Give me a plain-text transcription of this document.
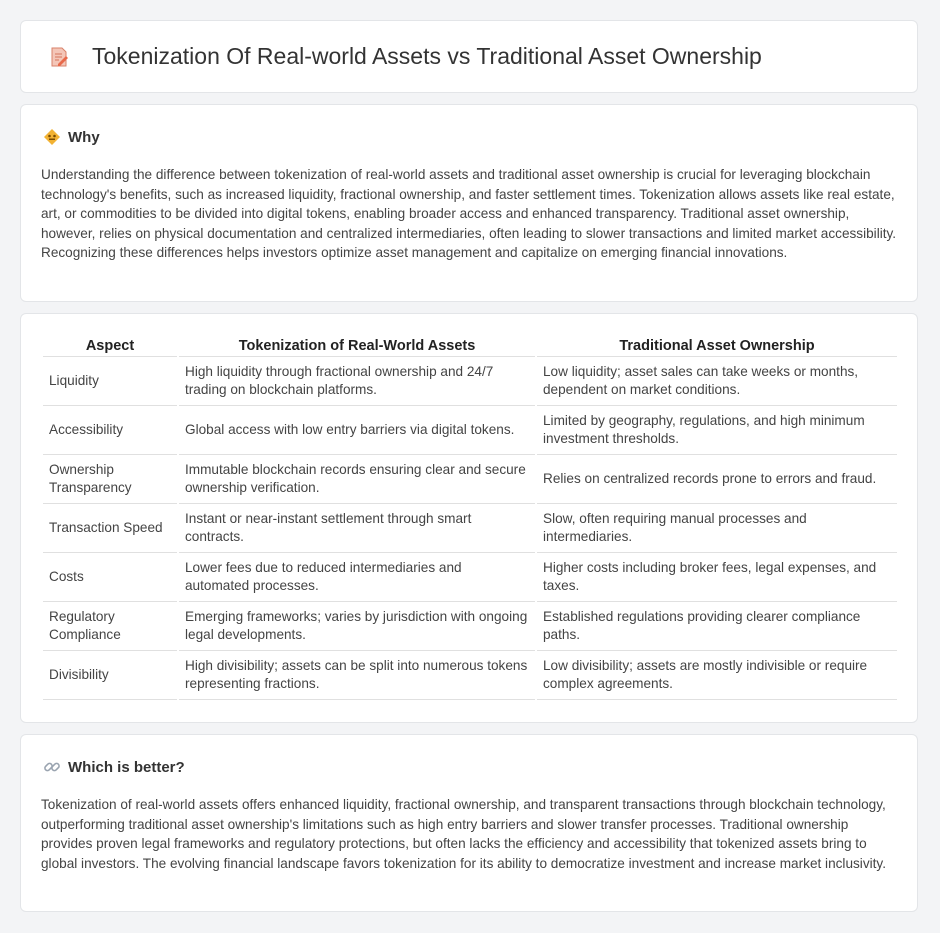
Tokenization Of Real-world Assets vs Traditional Asset Ownership
Why

Understanding the difference between tokenization of real-world assets and traditional asset ownership is crucial for leveraging blockchain technology's benefits, such as increased liquidity, fractional ownership, and faster settlement times. Tokenization allows assets like real estate, art, or commodities to be divided into digital tokens, enabling broader access and enhanced transparency. Traditional asset ownership, however, relies on physical documentation and centralized intermediaries, often leading to slower transactions and limited market accessibility. Recognizing these differences helps investors optimize asset management and capitalize on emerging financial innovations.

Aspect	Tokenization of Real-World Assets	Traditional Asset Ownership
Liquidity	High liquidity through fractional ownership and 24/7 trading on blockchain platforms.	Low liquidity; asset sales can take weeks or months, dependent on market conditions.
Accessibility	Global access with low entry barriers via digital tokens.	Limited by geography, regulations, and high minimum investment thresholds.
Ownership Transparency	Immutable blockchain records ensuring clear and secure ownership verification.	Relies on centralized records prone to errors and fraud.
Transaction Speed	Instant or near-instant settlement through smart contracts.	Slow, often requiring manual processes and intermediaries.
Costs	Lower fees due to reduced intermediaries and automated processes.	Higher costs including broker fees, legal expenses, and taxes.
Regulatory Compliance	Emerging frameworks; varies by jurisdiction with ongoing legal developments.	Established regulations providing clearer compliance paths.
Divisibility	High divisibility; assets can be split into numerous tokens representing fractions.	Low divisibility; assets are mostly indivisible or require complex agreements.
Which is better?

Tokenization of real-world assets offers enhanced liquidity, fractional ownership, and transparent transactions through blockchain technology, outperforming traditional asset ownership's limitations such as high entry barriers and slower transfer processes. Traditional ownership provides proven legal frameworks and regulatory protections, but often lacks the efficiency and accessibility that tokenized assets bring to global investors. The evolving financial landscape favors tokenization for its ability to democratize investment and increase market inclusivity.
